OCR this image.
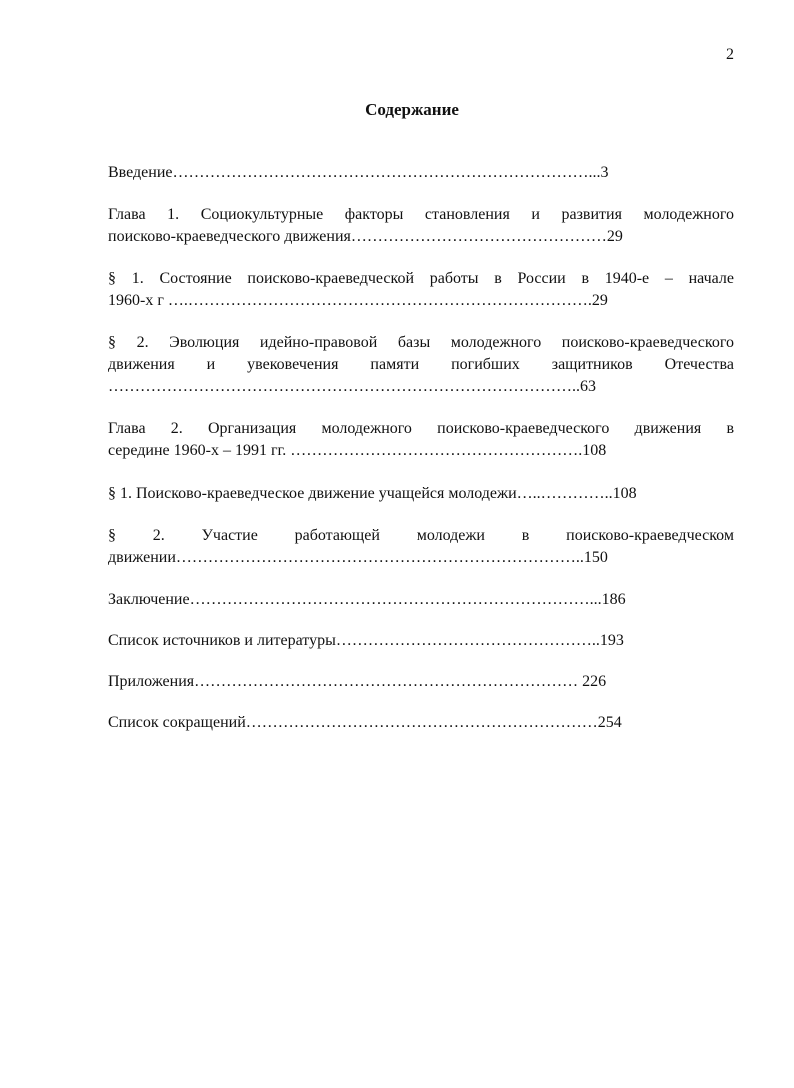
2
Содержание
Введение……………………………………………………………………...3
Глава 1. Социокультурные факторы становления и развития молодежного
поисково-краеведческого движения…………………………………………29
§ 1. Состояние поисково-краеведческой работы в России в 1940-е – начале
1960-х г ….………………………………………………………………….29
§ 2. Эволюция идейно-правовой базы молодежного поисково-краеведческого
движения и увековечения памяти погибших защитников Отечества
……………………………………………………………………………..63
Глава 2. Организация молодежного поисково-краеведческого движения в
середине 1960-х – 1991 гг. ……………………………………………….108
§ 1. Поисково-краеведческое движение учащейся молодежи…..…………..108
§ 2. Участие работающей молодежи в поисково-краеведческом
движении…………………………………………………………………..150
Заключение…………………………………………………………………...186
Список источников и литературы…………………………………………..193
Приложения……………………………………………………………… 226
Список сокращений…………………………………………………………254
